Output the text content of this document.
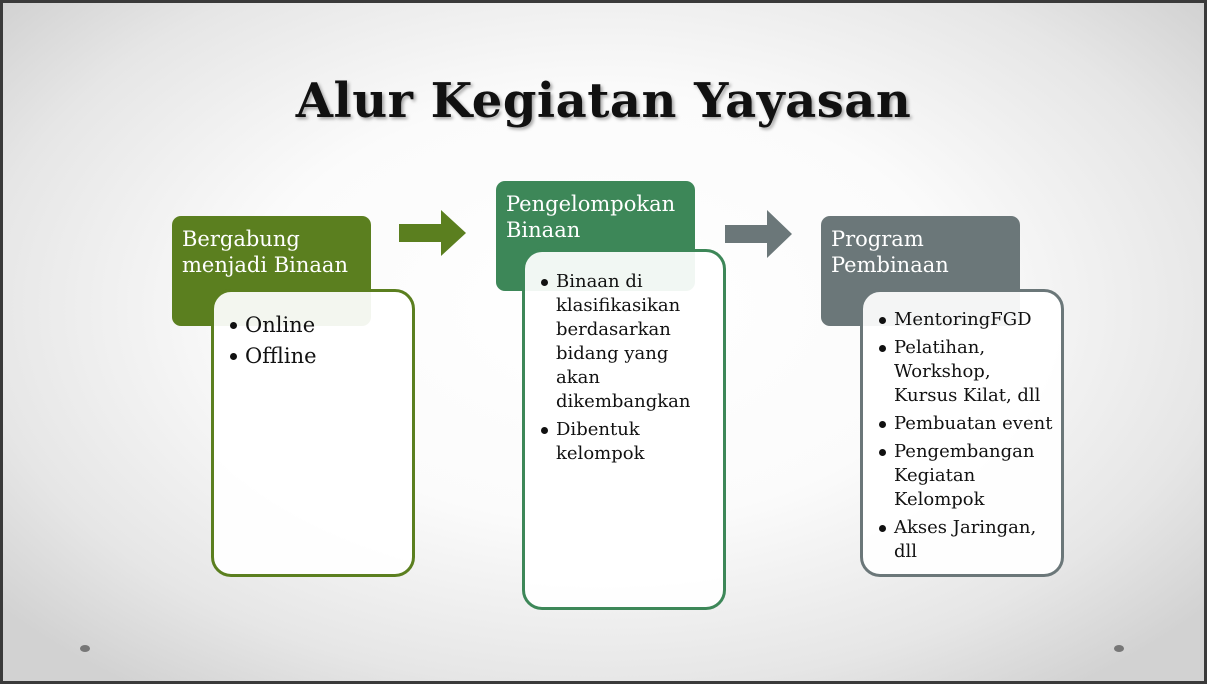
Alur Kegiatan Yayasan
Bergabung menjadi Binaan
Online
Offline
Pengelompokan Binaan
Binaan di klasifikasikan berdasarkan bidang yang akan dikembangkan
Dibentuk kelompok
Program Pembinaan
MentoringFGD
Pelatihan, Workshop, Kursus Kilat, dll
Pembuatan event
Pengembangan Kegiatan Kelompok
Akses Jaringan, dll
